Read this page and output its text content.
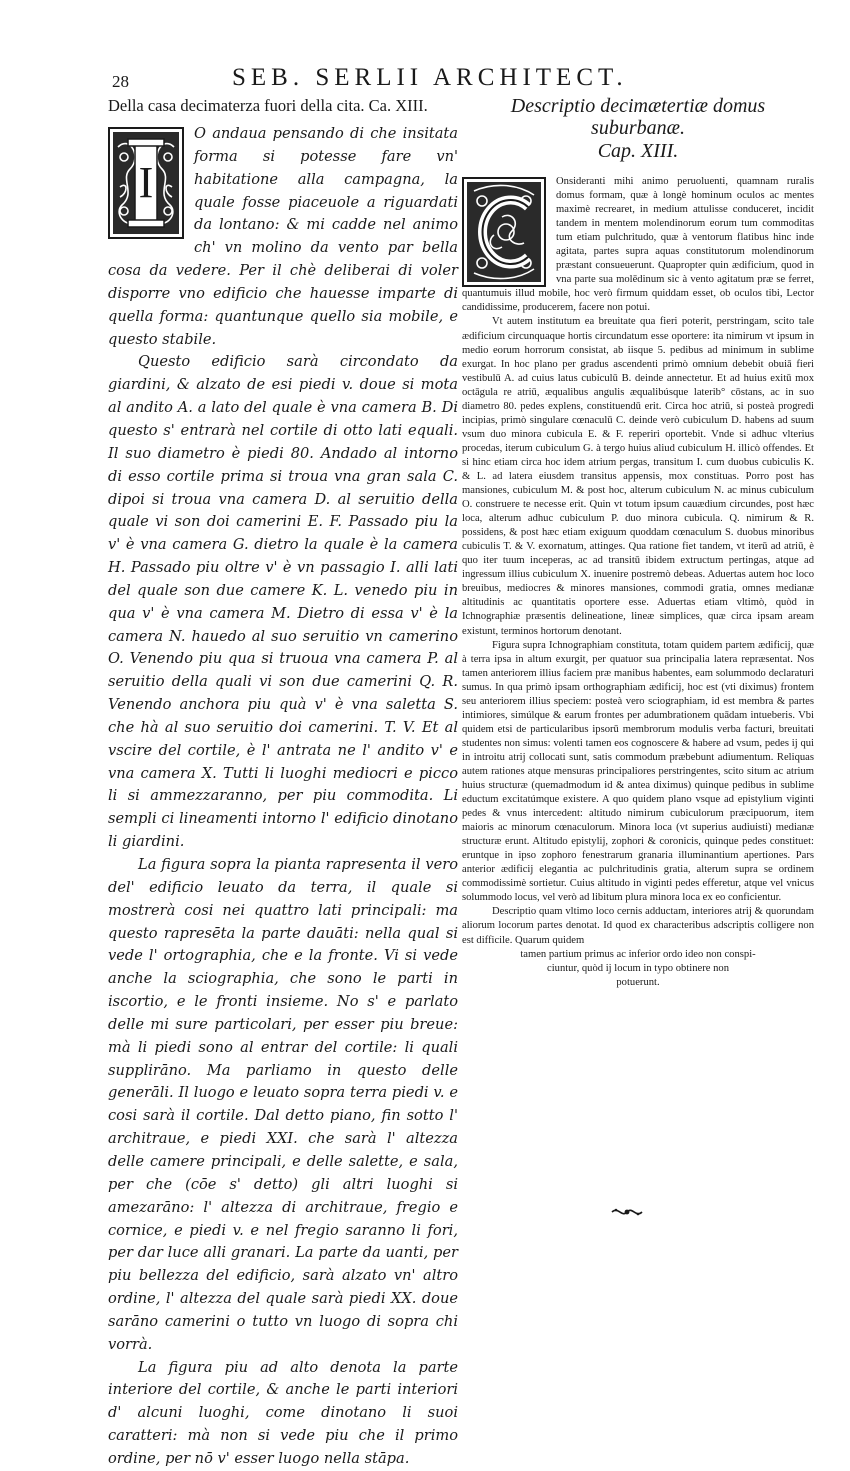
28	SEB. SERLII ARCHITECT.

Della casa decimaterza fuori della cita. Ca. XIII.

I

O andaua pensando di che insitata forma si potesse fare vn' habitatione alla campagna, la quale fosse piaceuole a riguardati da lontano: & mi cadde nel animo ch' vn molino da vento par bella cosa da vedere. Per il chè deliberai di voler disporre vno edificio che hauesse imparte di quella forma: quantunque quello sia mobile, e questo stabile.

Questo edificio sarà circondato da giardini, & alzato de esi piedi v. doue si mota al andito A. a lato del quale è vna camera B. Di questo s' entrarà nel cortile di otto lati equali. Il suo diametro è piedi 80. Andado al intorno di esso cortile prima si troua vna gran sala C. dipoi si troua vna camera D. al seruitio della quale vi son doi camerini E. F. Passado piu la v' è vna camera G. dietro la quale è la camera H. Passado piu oltre v' è vn passagio I. alli lati del quale son due camere K. L. venedo piu in qua v' è vna camera M. Dietro di essa v' è la camera N. hauedo al suo seruitio vn camerino O. Venendo piu qua si truoua vna camera P. al seruitio della quali vi son due camerini Q. R. Venendo anchora piu quà v' è vna saletta S. che hà al suo seruitio doi camerini. T. V. Et al vscire del cortile, è l' antrata ne l' andito v' e vna camera X. Tutti li luoghi mediocri e picco li si ammezzaranno, per piu commodita. Li sempli ci lineamenti intorno l' edificio dinotano li giardini.

La figura sopra la pianta rapresenta il vero del' edificio leuato da terra, il quale si mostrerà cosi nei quattro lati principali: ma questo rapresēta la parte dauāti: nella qual si vede l' ortographia, che e la fronte. Vi si vede anche la sciographia, che sono le parti in iscortio, e le fronti insieme. No s' e parlato delle mi sure particolari, per esser piu breue: mà li piedi sono al entrar del cortile: li quali supplirāno. Ma parliamo in questo delle generāli. Il luogo e leuato sopra terra piedi v. e cosi sarà il cortile. Dal detto piano, fin sotto l' architraue, e piedi XXI. che sarà l' altezza delle camere principali, e delle salette, e sala, per che (cōe s' detto) gli altri luoghi si amezarāno: l' altezza di architraue, fregio e cornice, e piedi v. e nel fregio saranno li fori, per dar luce alli granari. La parte da uanti, per piu bellezza del edificio, sarà alzato vn' altro ordine, l' altezza del quale sarà piedi XX. doue sarāno camerini o tutto vn luogo di sopra chi vorrà.

La figura piu ad alto denota la parte interiore del cortile, & anche le parti interiori d' alcuni luoghi, come dinotano li suoi caratteri: mà non si vede piu che il primo ordine, per nō v' esser luogo nella stāpa.

Descriptio decimætertiæ domus suburbanæ.

Cap. XIII.

C	Onsideranti mihi animo peruoluenti, quamnam ruralis domus formam, quæ à longè hominum oculos ac mentes maximè recrearet, in medium attulisse conduceret, incidit tandem in mentem molendinorum eorum tum commoditas tum etiam pulchritudo, quæ à ventorum flatibus hinc inde agitata, partes supra aquas constitutorum molendinorum præstant consueuerunt. Quapropter quin ædificium, quod in vna parte sua molēdinum sic à vento agitatum præ se ferret, quantumuis illud mobile, hoc verò firmum quiddam esset, ob oculos tibi, Lector candidissime, producerem, facere non potui.

Vt autem institutum ea breuitate qua fieri poterit, perstringam, scito tale ædificium circunquaque hortis circundatum esse oportere: ita nimirum vt ipsum in medio eorum horrorum consistat, ab iisque 5. pedibus ad minimum in sublime exurgat. In hoc plano per gradus ascendenti primò omnium debebit obuiā fieri vestibulū A. ad cuius latus cubiculū B. deinde annectetur. Et ad huius exitū mox octāgula re atriū, æqualibus angulis æqualibúsque laterib° cōstans, ac in suo diametro 80. pedes explens, constituendū erit. Circa hoc atriū, si posteà progredi incipias, primò singulare cœnaculū C. deinde verò cubiculum D. habens ad suum vsum duo minora cubicula E. & F. reperiri oportebit. Vnde si adhuc vlterius procedas, iterum cubiculum G. à tergo huius aliud cubiculum H. illicò offendes. Et si hinc etiam circa hoc idem atrium pergas, transitum I. cum duobus cubiculis K. & L. ad latera eiusdem transitus appensis, mox constituas. Porro post has mansiones, cubiculum M. & post hoc, alterum cubiculum N. ac minus cubiculum O. construere te necesse erit. Quin vt totum ipsum cauædium circundes, post hæc loca, alterum adhuc cubiculum P. duo minora cubicula. Q. nimirum & R. possidens, & post hæc etiam exiguum quoddam cœnaculum S. duobus minoribus cubiculis T. & V. exornatum, attinges. Qua ratione fiet tandem, vt iterū ad atriū, è quo iter tuum inceperas, ac ad transitū ibidem extructum pertingas, atque ad ingressum illius cubiculum X. inuenire postremò debeas. Aduertas autem hoc loco breuibus, mediocres & minores mansiones, commodi gratia, omnes medianæ altitudinis ac quantitatis oportere esse. Aduertas etiam vltimò, quòd in Ichnographiæ præsentis delineatione, lineæ simplices, quæ circa ipsam aream existunt, terminos hortorum denotant.

Figura supra Ichnographiam constituta, totam quidem partem ædificij, quæ à terra ipsa in altum exurgit, per quatuor sua principalia latera repræsentat. Nos tamen anteriorem illius faciem præ manibus habentes, eam solummodo declaraturi sumus. In qua primò ipsam orthographiam ædificij, hoc est (vti diximus) frontem seu anteriorem illius speciem: posteà vero sciographiam, id est membra & partes intimiores, simúlque & earum frontes per adumbrationem quādam intueberis. Vbi quidem etsi de particularibus ipsorū membrorum modulis verba facturi, breuitati studentes non simus: volenti tamen eos cognoscere & habere ad vsum, pedes ij qui in introitu atrij collocati sunt, satis commodum præbebunt adiumentum. Reliquas autem rationes atque mensuras principaliores perstringentes, scito situm ac atrium huius structuræ (quemadmodum id & antea diximus) quinque pedibus in sublime eductum excitatúmque existere. A quo quidem plano vsque ad epistylium viginti pedes & vnus intercedent: altitudo nimirum cubiculorum præcipuorum, item maioris ac minorum cœnaculorum. Minora loca (vt superius audiuisti) medianæ structuræ erunt. Altitudo epistylij, zophori & coronicis, quinque pedes constituet: eruntque in ipso zophoro fenestrarum granaria illuminantium apertiones. Pars anterior ædificij elegantia ac pulchritudinis gratia, alterum supra se ordinem commodissimè sortietur. Cuius altitudo in viginti pedes efferetur, atque vel vnicus solummodo locus, vel verò ad libitum plura minora loca ex eo conficientur.

Descriptio quam vltimo loco cernis adductam, interiores atrij & quorundam aliorum locorum partes denotat. Id quod ex characteribus adscriptis colligere non est difficile. Quarum quidem

tamen partium primus ac inferior ordo ideo non conspi-

ciuntur, quòd ij locum in typo obtinere non

potuerunt.
